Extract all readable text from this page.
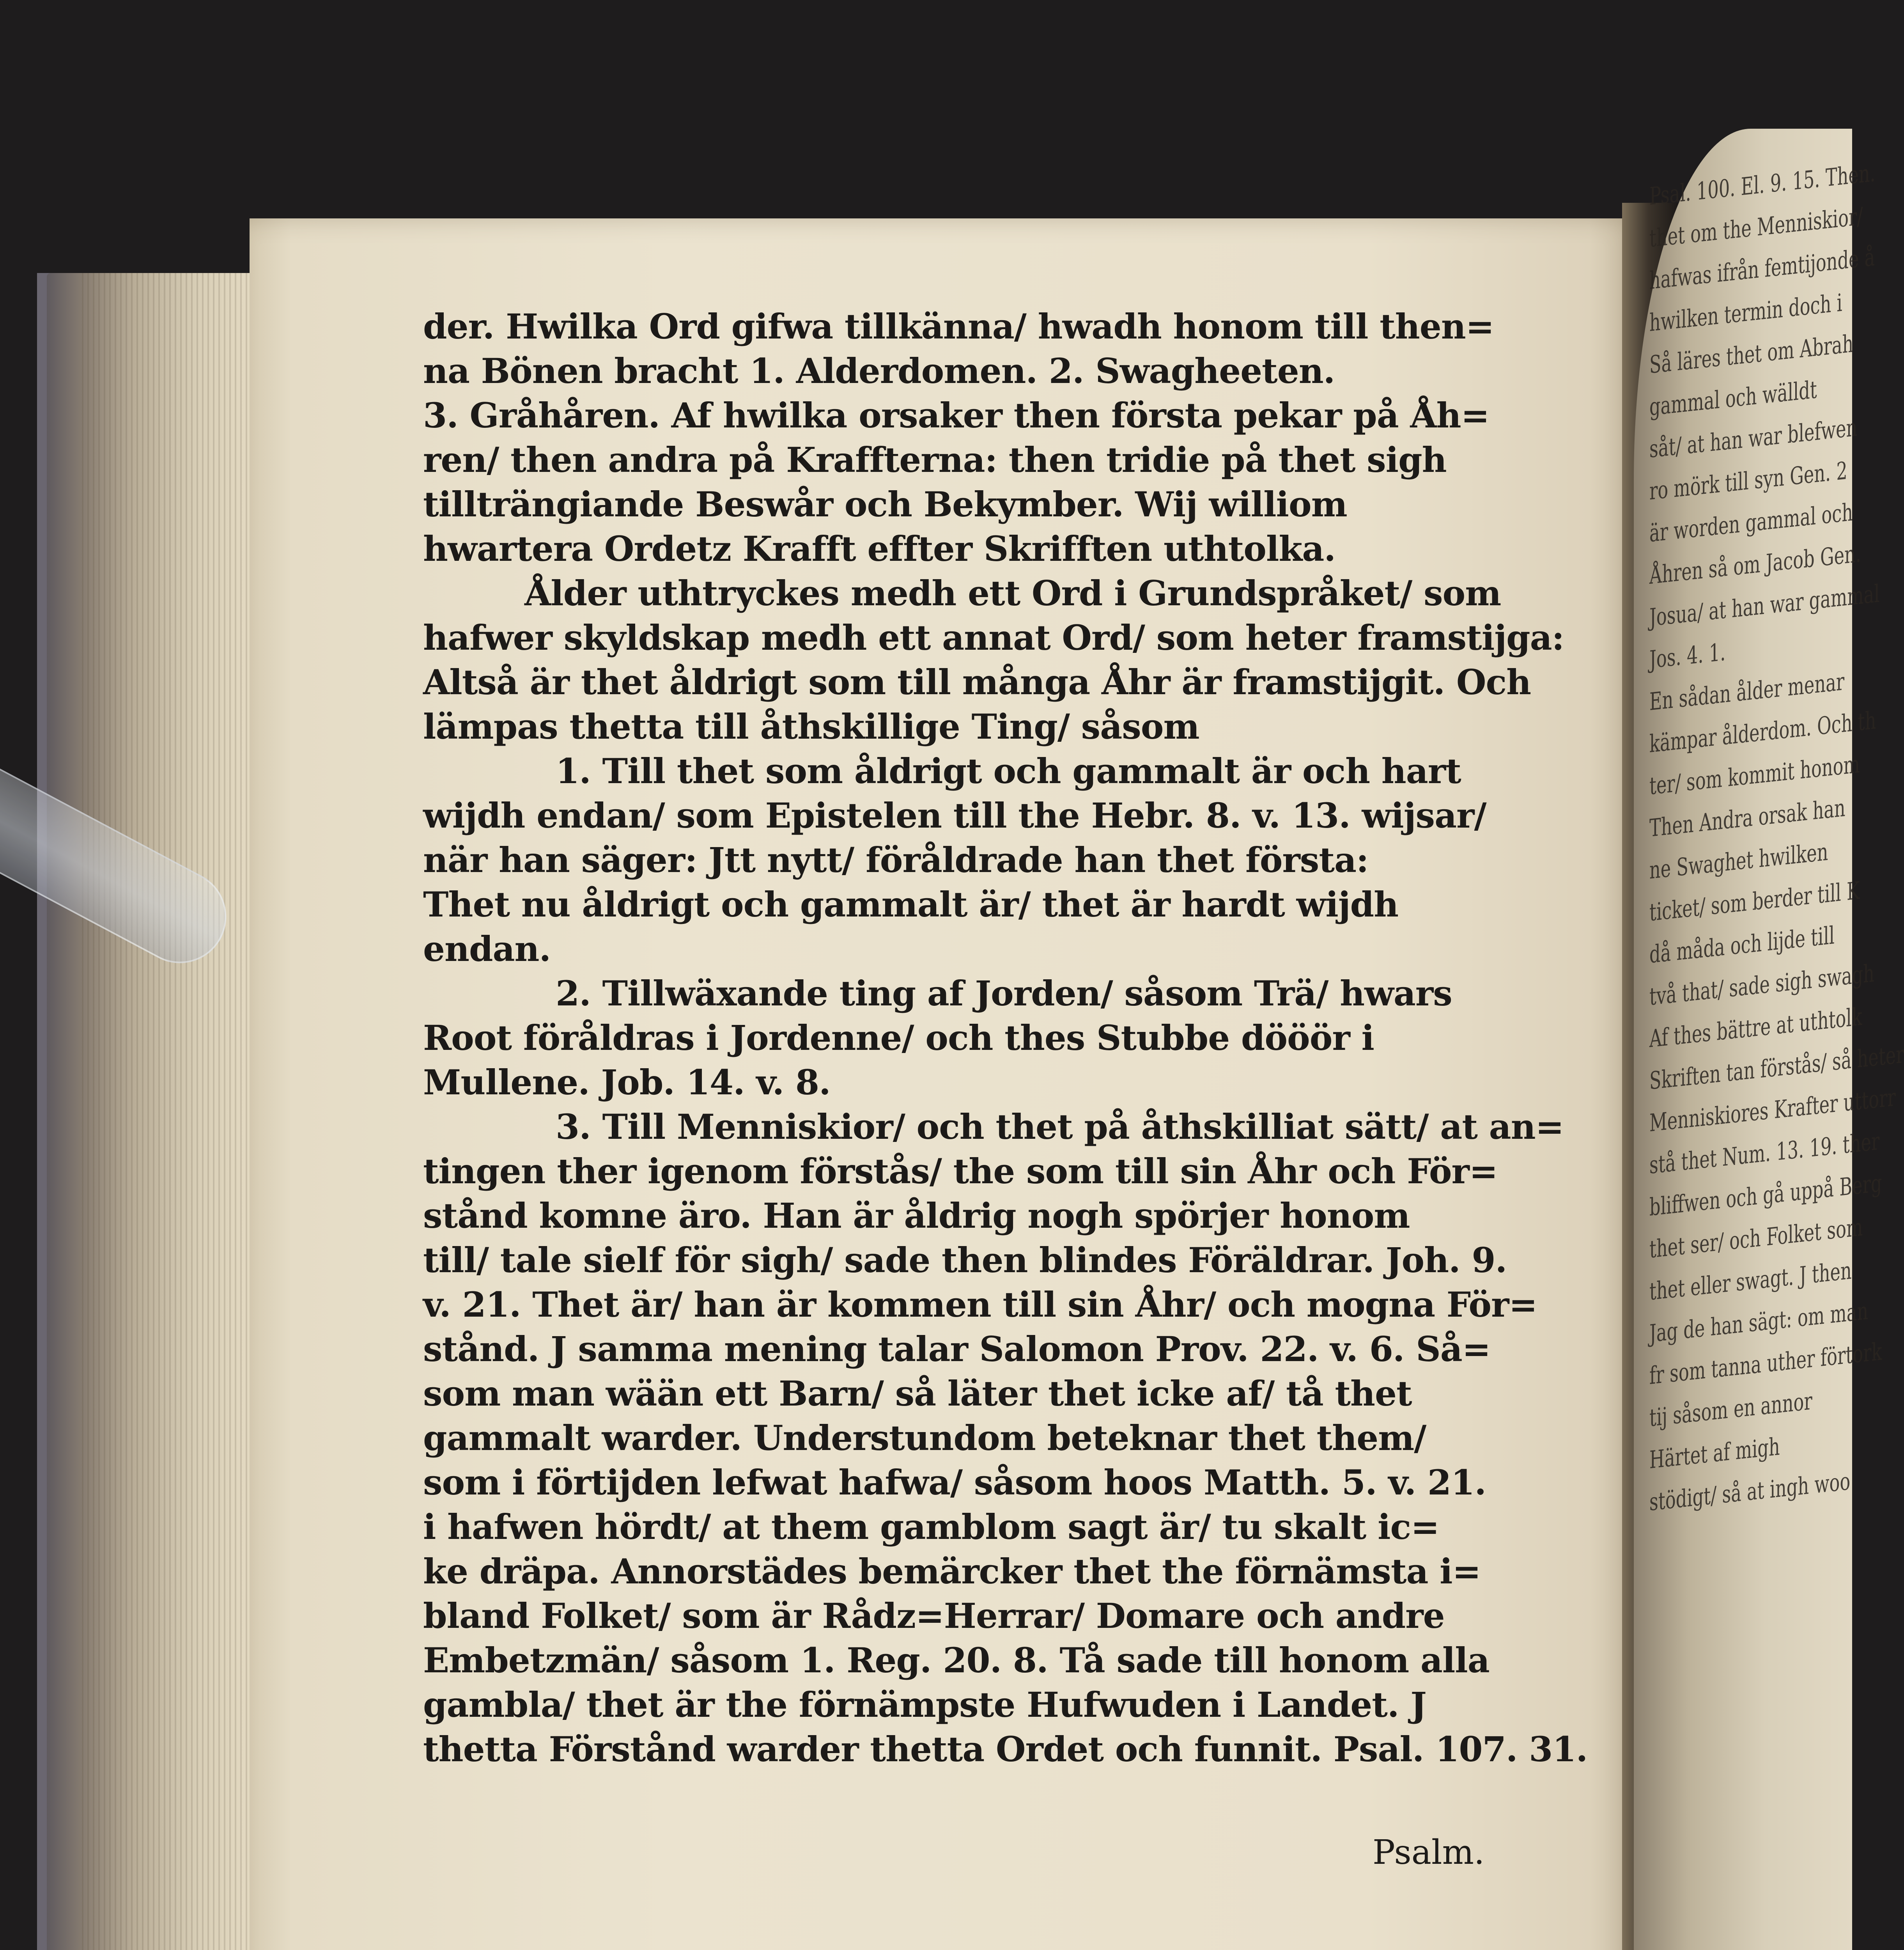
Psal. 100. El. 9. 15. Then.
thet om the Menniskior/
hafwas ifrån femtijonde å
hwilken termin doch i
Så läres thet om Abrah
gammal och wälldt
såt/ at han war blefwen
ro mörk till syn Gen. 2
är worden gammal och
Åhren så om Jacob Gen.
Josua/ at han war gammal
Jos. 4. 1.
En sådan ålder menar
kämpar ålderdom. Och th
ter/ som kommit honom
Then Andra orsak han
ne Swaghet hwilken
ticket/ som berder till K
då måda och lijde till
två that/ sade sigh swagh
Af thes bättre at uthtolk
Skriften tan förstås/ så heter
Menniskiores Krafter uttorr
stå thet Num. 13. 19. ther
bliffwen och gå uppå Berg
thet ser/ och Folket som
thet eller swagt. J then
Jag de han sägt: om man
fr som tanna uther förtork
tij såsom en annor
Härtet af migh
stödigt/ så at ingh woo
der. Hwilka Ord gifwa tillkänna/ hwadh honom till then=
na Bönen bracht 1. Alderdomen. 2. Swagheeten.
3. Gråhåren. Af hwilka orsaker then första pekar på Åh=
ren/ then andra på Kraffterna: then tridie på thet sigh
tillträngiande Beswår och Bekymber. Wij williom
hwartera Ordetz Krafft effter Skrifften uthtolka.
Ålder uthtryckes medh ett Ord i Grundspråket/ som
hafwer skyldskap medh ett annat Ord/ som heter framstijga:
Altså är thet åldrigt som till många Åhr är framstijgit. Och
lämpas thetta till åthskillige Ting/ såsom
1. Till thet som åldrigt och gammalt är och hart
wijdh endan/ som Epistelen till the Hebr. 8. v. 13. wijsar/
när han säger: Jtt nytt/ föråldrade han thet första:
Thet nu åldrigt och gammalt är/ thet är hardt wijdh
endan.
2. Tillwäxande ting af Jorden/ såsom Trä/ hwars
Root föråldras i Jordenne/ och thes Stubbe dööör i
Mullene. Job. 14. v. 8.
3. Till Menniskior/ och thet på åthskilliat sätt/ at an=
tingen ther igenom förstås/ the som till sin Åhr och För=
stånd komne äro. Han är åldrig nogh spörjer honom
till/ tale sielf för sigh/ sade then blindes Föräldrar. Joh. 9.
v. 21. Thet är/ han är kommen till sin Åhr/ och mogna För=
stånd. J samma mening talar Salomon Prov. 22. v. 6. Så=
som man wään ett Barn/ så läter thet icke af/ tå thet
gammalt warder. Understundom beteknar thet them/
som i förtijden lefwat hafwa/ såsom hoos Matth. 5. v. 21.
i hafwen hördt/ at them gamblom sagt är/ tu skalt ic=
ke dräpa. Annorstädes bemärcker thet the förnämsta i=
bland Folket/ som är Rådz=Herrar/ Domare och andre
Embetzmän/ såsom 1. Reg. 20. 8. Tå sade till honom alla
gambla/ thet är the förnämpste Hufwuden i Landet. J
thetta Förstånd warder thetta Ordet och funnit. Psal. 107. 31.
Psalm.
